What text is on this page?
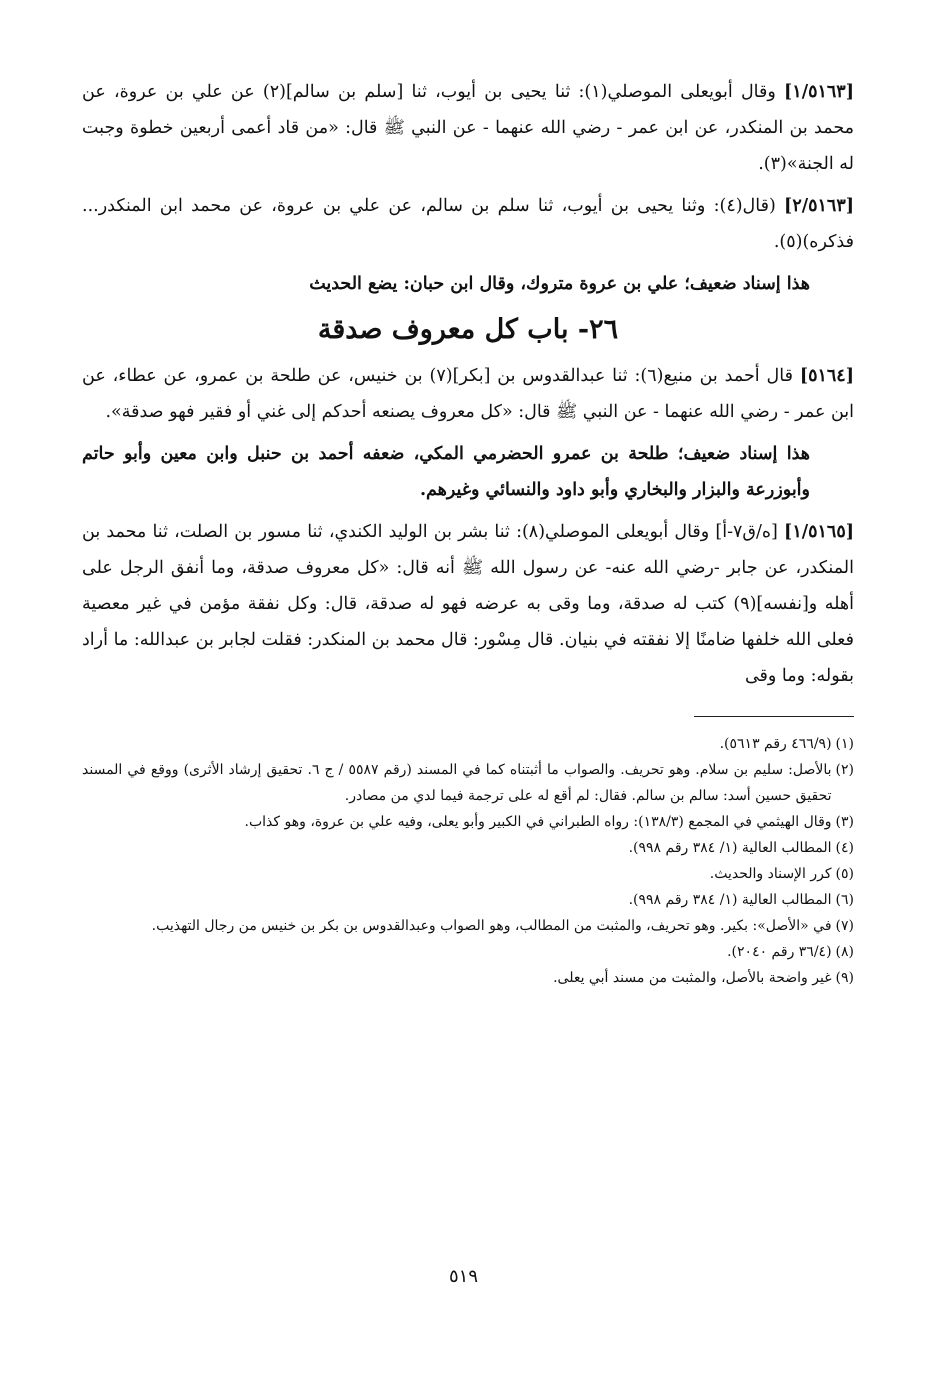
[١/٥١٦٣] وقال أبويعلى الموصلي(١): ثنا يحيى بن أيوب، ثنا [سلم بن سالم](٢) عن علي بن عروة، عن محمد بن المنكدر، عن ابن عمر - رضي الله عنهما - عن النبي ﷺ قال: «من قاد أعمى أربعين خطوة وجبت له الجنة»(٣).

[٢/٥١٦٣] (قال(٤): وثنا يحيى بن أيوب، ثنا سلم بن سالم، عن علي بن عروة، عن محمد ابن المنكدر... فذكره)(٥).

هذا إسناد ضعيف؛ علي بن عروة متروك، وقال ابن حبان: يضع الحديث

٢٦- باب كل معروف صدقة

[٥١٦٤] قال أحمد بن منيع(٦): ثنا عبدالقدوس بن [بكر](٧) بن خنيس، عن طلحة بن عمرو، عن عطاء، عن ابن عمر - رضي الله عنهما - عن النبي ﷺ قال: «كل معروف يصنعه أحدكم إلى غني أو فقير فهو صدقة».

هذا إسناد ضعيف؛ طلحة بن عمرو الحضرمي المكي، ضعفه أحمد بن حنبل وابن معين وأبو حاتم وأبوزرعة والبزار والبخاري وأبو داود والنسائي وغيرهم.

[١/٥١٦٥] [ه/ق٧-أ] وقال أبويعلى الموصلي(٨): ثنا بشر بن الوليد الكندي، ثنا مسور بن الصلت، ثنا محمد بن المنكدر، عن جابر -رضي الله عنه- عن رسول الله ﷺ أنه قال: «كل معروف صدقة، وما أنفق الرجل على أهله و[نفسه](٩) كتب له صدقة، وما وقى به عرضه فهو له صدقة، قال: وكل نفقة مؤمن في غير معصية فعلى الله خلفها ضامنًا إلا نفقته في بنيان. قال مِسْور: قال محمد بن المنكدر: فقلت لجابر بن عبدالله: ما أراد بقوله: وما وقى

(١)
(٤٦٦/٩ رقم ٥٦١٣).
(٢)
بالأصل: سليم بن سلام. وهو تحريف. والصواب ما أثبتناه كما في المسند (رقم ٥٥٨٧ / ج ٦. تحقيق إرشاد الأثرى) ووقع في المسند تحقيق حسين أسد: سالم بن سالم. فقال: لم أقع له على ترجمة فيما لدي من مصادر.
(٣)
وقال الهيثمي في المجمع (١٣٨/٣): رواه الطبراني في الكبير وأبو يعلى، وفيه علي بن عروة، وهو كذاب.
(٤)
المطالب العالية (١/ ٣٨٤ رقم ٩٩٨).
(٥)
كرر الإسناد والحديث.
(٦)
المطالب العالية (١/ ٣٨٤ رقم ٩٩٨).
(٧)
في «الأصل»: بكير. وهو تحريف، والمثبت من المطالب، وهو الصواب وعبدالقدوس بن بكر بن خنيس من رجال التهذيب.
(٨)
(٣٦/٤ رقم ٢٠٤٠).
(٩)
غير واضحة بالأصل، والمثبت من مسند أبي يعلى.
٥١٩
